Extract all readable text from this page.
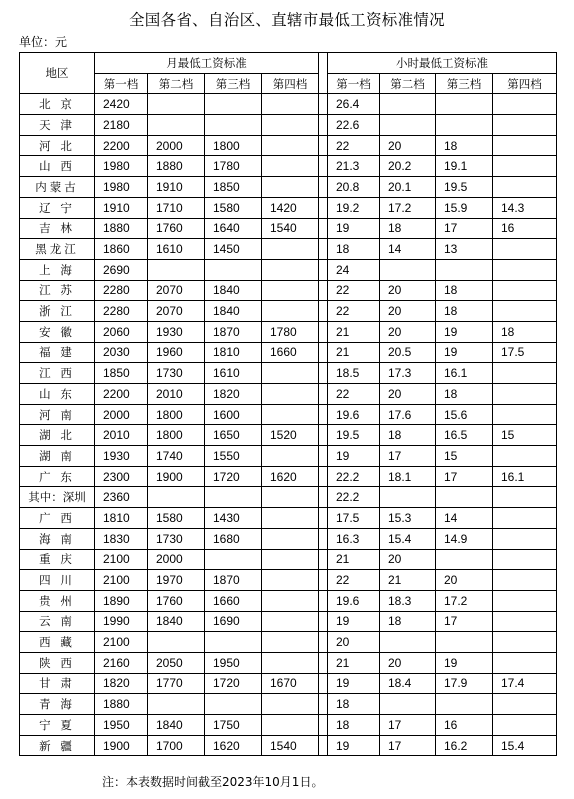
全国各省、自治区、直辖市最低工资标准情况
单位：元
地区	月最低工资标准					小时最低工资标准			
	第一档	第二档	第三档	第四档		第一档	第二档	第三档	第四档
北 京	2420					26.4			
天 津	2180					22.6			
河 北	2200	2000	1800			22	20	18	
山 西	1980	1880	1780			21.3	20.2	19.1	
内蒙古	1980	1910	1850			20.8	20.1	19.5	
辽 宁	1910	1710	1580	1420		19.2	17.2	15.9	14.3
吉 林	1880	1760	1640	1540		19	18	17	16
黑龙江	1860	1610	1450			18	14	13	
上 海	2690					24			
江 苏	2280	2070	1840			22	20	18	
浙 江	2280	2070	1840			22	20	18	
安 徽	2060	1930	1870	1780		21	20	19	18
福 建	2030	1960	1810	1660		21	20.5	19	17.5
江 西	1850	1730	1610			18.5	17.3	16.1	
山 东	2200	2010	1820			22	20	18	
河 南	2000	1800	1600			19.6	17.6	15.6	
湖 北	2010	1800	1650	1520		19.5	18	16.5	15
湖 南	1930	1740	1550			19	17	15	
广 东	2300	1900	1720	1620		22.2	18.1	17	16.1
其中：深圳	2360					22.2			
广 西	1810	1580	1430			17.5	15.3	14	
海 南	1830	1730	1680			16.3	15.4	14.9	
重 庆	2100	2000				21	20		
四 川	2100	1970	1870			22	21	20	
贵 州	1890	1760	1660			19.6	18.3	17.2	
云 南	1990	1840	1690			19	18	17	
西 藏	2100					20			
陕 西	2160	2050	1950			21	20	19	
甘 肃	1820	1770	1720	1670		19	18.4	17.9	17.4
青 海	1880					18			
宁 夏	1950	1840	1750			18	17	16	
新 疆	1900	1700	1620	1540		19	17	16.2	15.4
注：本表数据时间截至2023年10月1日。
